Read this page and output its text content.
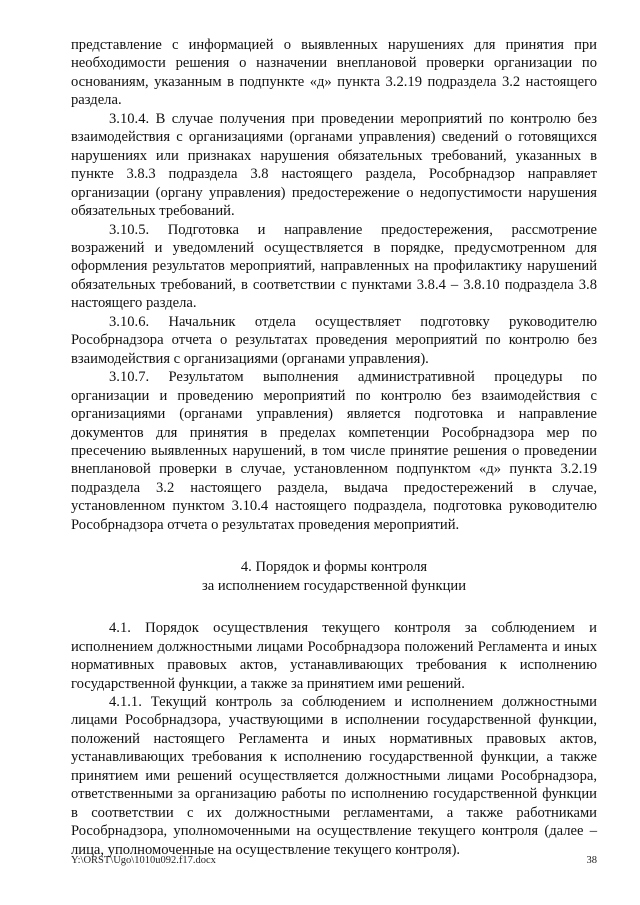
представление с информацией о выявленных нарушениях для принятия при необходимости решения о назначении внеплановой проверки организации по основаниям, указанным в подпункте «д» пункта 3.2.19 подраздела 3.2 настоящего раздела.

3.10.4. В случае получения при проведении мероприятий по контролю без взаимодействия с организациями (органами управления) сведений о готовящихся нарушениях или признаках нарушения обязательных требований, указанных в пункте 3.8.3 подраздела 3.8 настоящего раздела, Рособрнадзор направляет организации (органу управления) предостережение о недопустимости нарушения обязательных требований.

3.10.5. Подготовка и направление предостережения, рассмотрение возражений и уведомлений осуществляется в порядке, предусмотренном для оформления результатов мероприятий, направленных на профилактику нарушений обязательных требований, в соответствии с пунктами 3.8.4 – 3.8.10 подраздела 3.8 настоящего раздела.

3.10.6. Начальник отдела осуществляет подготовку руководителю Рособрнадзора отчета о результатах проведения мероприятий по контролю без взаимодействия с организациями (органами управления).

3.10.7. Результатом выполнения административной процедуры по организации и проведению мероприятий по контролю без взаимодействия с организациями (органами управления) является подготовка и направление документов для принятия в пределах компетенции Рособрнадзора мер по пресечению выявленных нарушений, в том числе принятие решения о проведении внеплановой проверки в случае, установленном подпунктом «д» пункта 3.2.19 подраздела 3.2 настоящего раздела, выдача предостережений в случае, установленном пунктом 3.10.4 настоящего подраздела, подготовка руководителю Рособрнадзора отчета о результатах проведения мероприятий.

4. Порядок и формы контроля

за исполнением государственной функции

4.1. Порядок осуществления текущего контроля за соблюдением и исполнением должностными лицами Рособрнадзора положений Регламента и иных нормативных правовых актов, устанавливающих требования к исполнению государственной функции, а также за принятием ими решений.

4.1.1. Текущий контроль за соблюдением и исполнением должностными лицами Рособрнадзора, участвующими в исполнении государственной функции, положений настоящего Регламента и иных нормативных правовых актов, устанавливающих требования к исполнению государственной функции, а также принятием ими решений осуществляется должностными лицами Рособрнадзора, ответственными за организацию работы по исполнению государственной функции в соответствии с их должностными регламентами, а также работниками Рособрнадзора, уполномоченными на осуществление текущего контроля (далее – лица, уполномоченные на осуществление текущего контроля).

Y:\ORST\Ugo\1010u092.f17.docx	38
